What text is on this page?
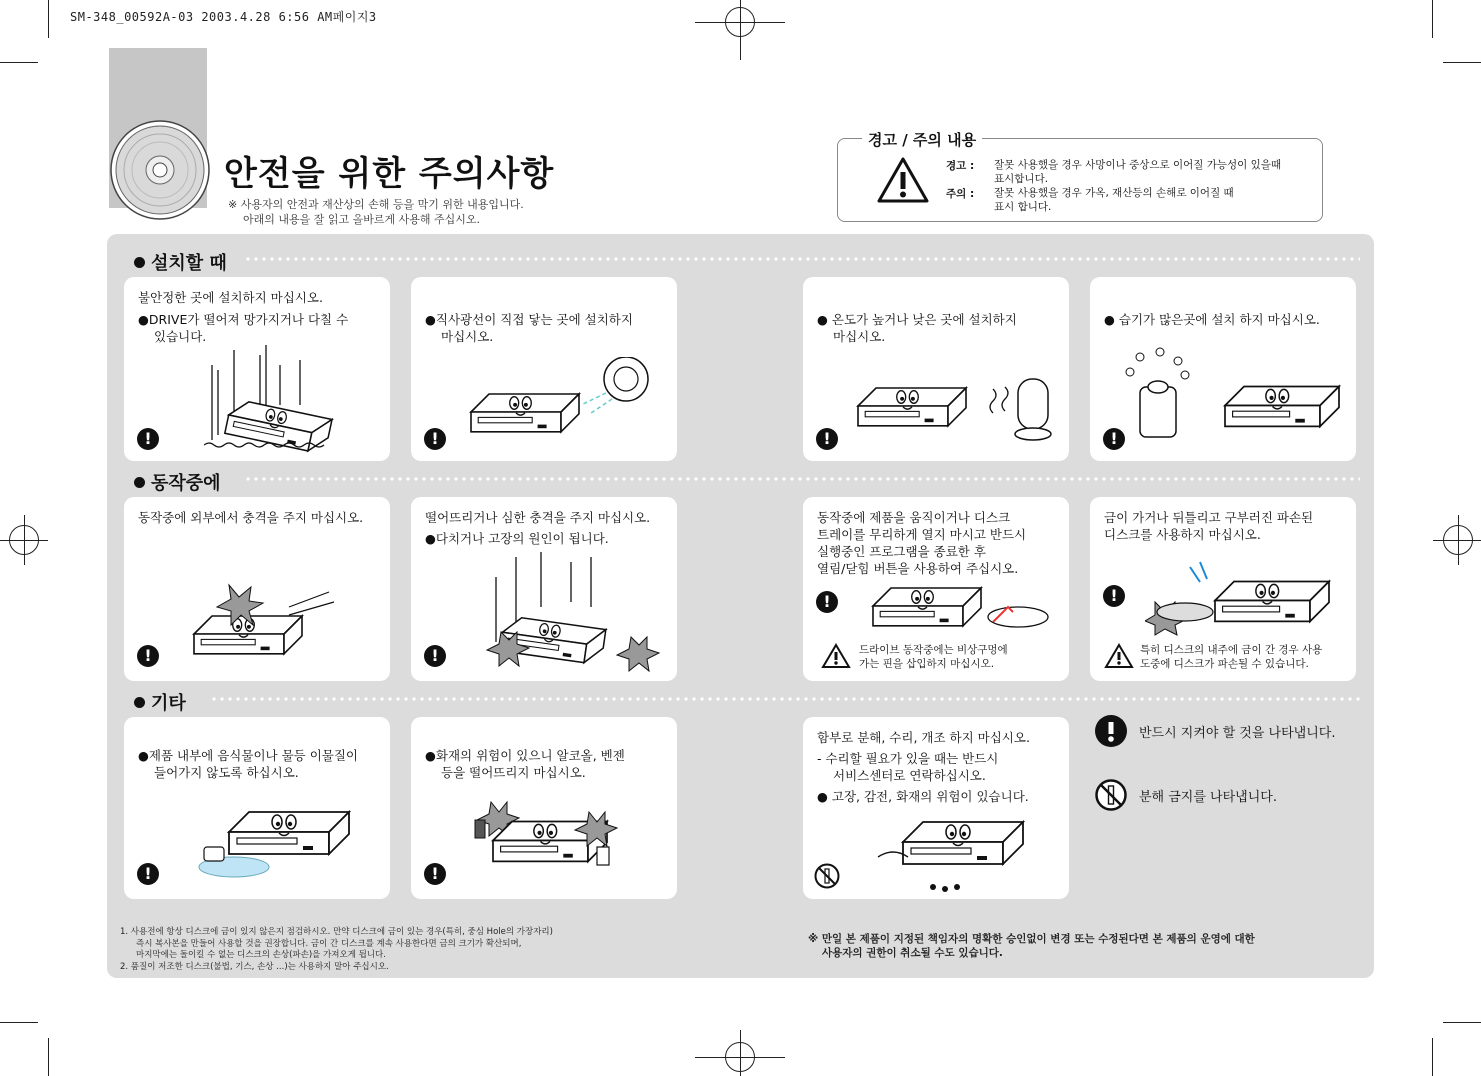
SM-348_00592A-03 2003.4.28 6:56 AM페이지3
안전을 위한 주의사항
※ 사용자의 안전과 재산상의 손해 등을 막기 위한 내용입니다.
아래의 내용을 잘 읽고 올바르게 사용해 주십시오.
경고 / 주의 내용
경고 : 잘못 사용했을 경우 사망이나 중상으로 이어질 가능성이 있을때
표시합니다.
주의 : 잘못 사용했을 경우 가옥, 재산등의 손해로 이어질 때
표시 합니다.
설치할 때
동작중에
기타
불안정한 곳에 설치하지 마십시오.
●DRIVE가 떨어져 망가지거나 다칠 수
있습니다.
!
●직사광선이 직접 닿는 곳에 설치하지
마십시오.
!
● 온도가 높거나 낮은 곳에 설치하지
마십시오.
!
● 습기가 많은곳에 설치 하지 마십시오.
!
동작중에 외부에서 충격을 주지 마십시오.
!
떨어뜨리거나 심한 충격을 주지 마십시오.
●다치거나 고장의 원인이 됩니다.
!
동작중에 제품을 움직이거나 디스크
트레이를 무리하게 열지 마시고 반드시
실행중인 프로그램을 종료한 후
열림/닫힘 버튼을 사용하여 주십시오.
!
드라이브 동작중에는 비상구멍에
가는 핀을 삽입하지 마십시오.
금이 가거나 뒤틀리고 구부러진 파손된
디스크를 사용하지 마십시오.
!
특히 디스크의 내주에 금이 간 경우 사용
도중에 디스크가 파손될 수 있습니다.
●제품 내부에 음식물이나 물등 이물질이
들어가지 않도록 하십시오.
!
●화재의 위험이 있으니 알코올, 벤젠
등을 떨어뜨리지 마십시오.
!
함부로 분해, 수리, 개조 하지 마십시오.
- 수리할 필요가 있을 때는 반드시
서비스센터로 연락하십시오.
● 고장, 감전, 화재의 위험이 있습니다.
반드시 지켜야 할 것을 나타냅니다.
분해 금지를 나타냅니다.
1. 사용전에 항상 디스크에 금이 있지 않은지 점검하시오. 만약 디스크에 금이 있는 경우(특히, 중심 Hole의 가장자리)
즉시 복사본을 만들어 사용할 것을 권장합니다. 금이 간 디스크를 계속 사용한다면 금의 크기가 확산되며,
마지막에는 돌이킬 수 없는 디스크의 손상(파손)을 가져오게 됩니다.
2. 품질이 저조한 디스크(불법, 기스, 손상 ...)는 사용하지 말아 주십시오.
※ 만일 본 제품이 지정된 책임자의 명확한 승인없이 변경 또는 수정된다면 본 제품의 운영에 대한
사용자의 권한이 취소될 수도 있습니다.
